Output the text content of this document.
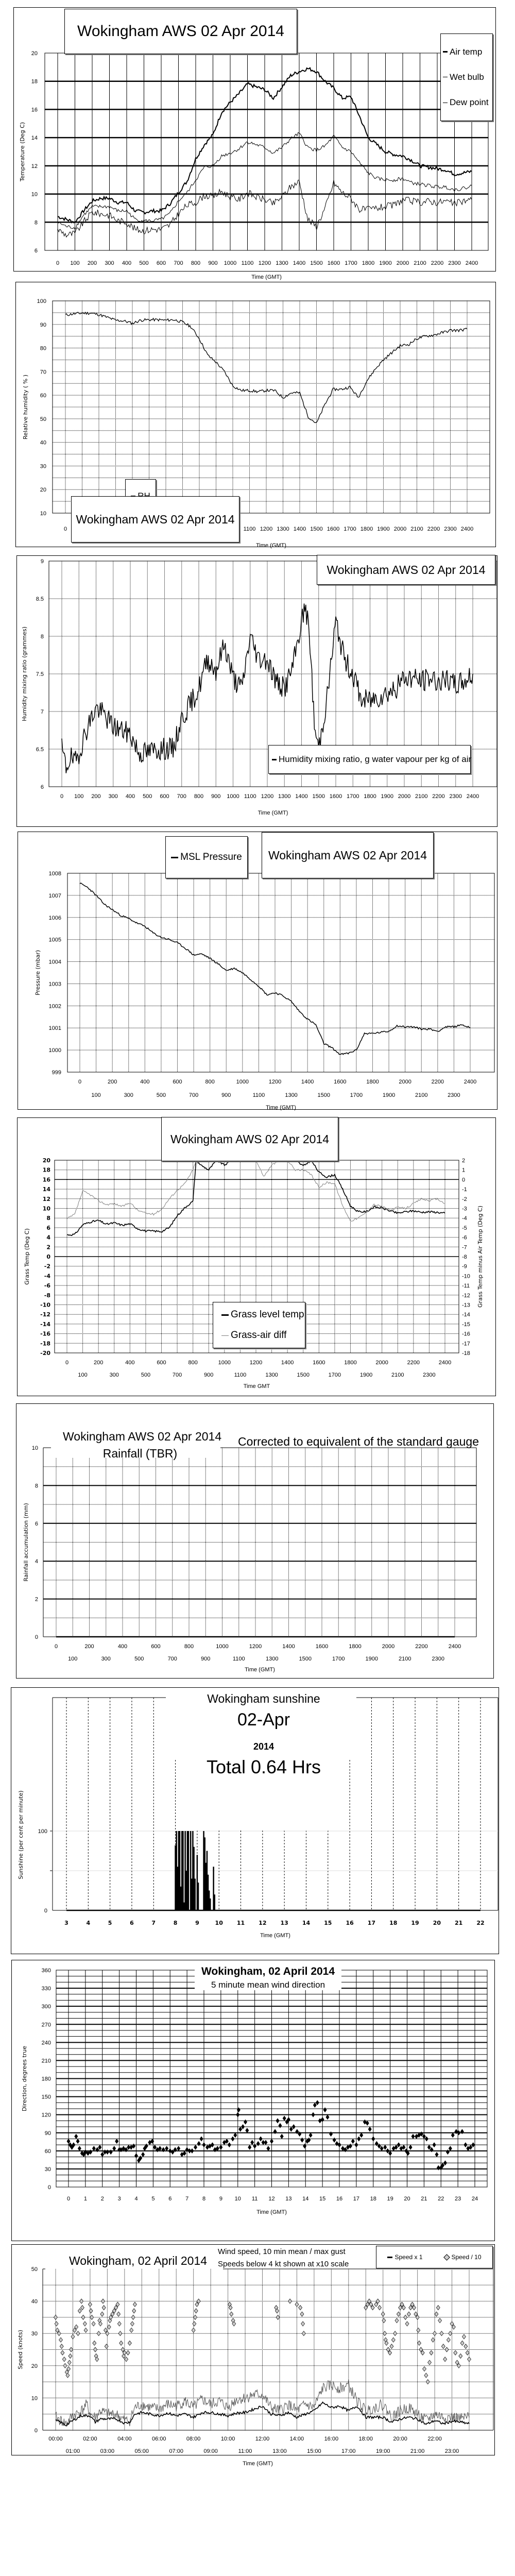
0 100 200 300 400 500 600 700 800 900 1000 1100 1200 1300 1400 1500 1600 1700 1800 1900 2000 2100 2200 2300 2400
6
8
10
12
14
16
18
20
Time (GMT)
Temperature (Deg C)
Wokingham AWS 02 Apr 2014
Air temp
Wet bulb
Dew point
0	1100 1200 1300 1400 1500 1600 1700 1800 1900 2000 2100 2200 2300 2400
10
20
30
40
50
60
70
80
90
100
Time (GMT)
Relative humidity ( % )
Wokingham AWS 02 Apr 2014
0 100 200 300 400 500 600 700 800 900 1000 1100 1200 1300 1400 1500 1600 1700 1800 1900 2000 2100 2200 2300 2400
6
6.5
7
7.5
8
8.5
9
Time (GMT)
Humidity mixing ratio (grammes)
Wokingham AWS 02 Apr 2014
Humidity mixing ratio, g water vapour per kg of air
0	200	400	600	800	1000	1200	1400	1600	1800	2000	2200	2400
100	300	500	700	900	1100	1300	1500	1700	1900	2100	2300
999
1000
1001
1002
1003
1004
1005
1006
1007
1008
Time (GMT)
Pressure (mbar)
MSL Pressure Wokingham AWS 02 Apr 2014
0	200	400	600	800	1000	1200	1400	1600	1800	2000	2200	2400
100	300	500	700	900	1100	1300	1500	1700	1900	2100	2300
-20
-18
-16
-14
-12
-10
-8
-6
-4
-2
0
2
4
6
8
10
12
14
16
18
20
-18
-17
-16
-15
-14
-13
-12
-11
-10
-9
-8
-7
-6
-5
-4
-3
-2
-1
0
1
2
Time GMT
Grass Temp (Deg C)	Grass Temp minus Air Temp (Deg C)
Wokingham AWS 02 Apr 2014
Grass level temp
Grass-air diff
0
2
4
6
8
10
0	200	400	600	800	1000	1200	1400	1600	1800	2000	2200	2400
100	300	500	700	900	1100	1300	1500	1700	1900	2100	2300
Time (GMT)
Rainfall accumulation (mm)
Wokingham AWS 02 Apr 2014
Rainfall (TBR)
Corrected to equivalent of the standard gauge
3	4	5	6	7	8	9	10 11 12 13 14 15 16 17 18 19 20 21 22
0
100
Time (GMT)
Sunshine (per cent per minute)
Wokingham sunshine
02-Apr
2014
Total 0.64 Hrs
0 1 2 3 4 5 6 7 8 9 10 11 12 13 14 15 16 17 18 19 20 21 22 23 24
0
30
60
90
120
150
180
210
240
270
300
330
360
Time (GMT)
Direction, degrees true
Wokingham, 02 April 2014
5 minute mean wind direction
0
10
20
30
40
50
00:00	02:00	04:00	06:00	08:00	10:00	12:00	14:00	16:00	18:00	20:00	22:00
01:00	03:00	05:00	07:00	09:00	11:00	13:00	15:00	17:00	19:00	21:00	23:00
Time (GMT)
Speed (knots)
Wokingham, 02 April 2014
Wind speed, 10 min mean / max gust
Speeds below 4 kt shown at x10 scale
Speed x 1	Speed / 10
